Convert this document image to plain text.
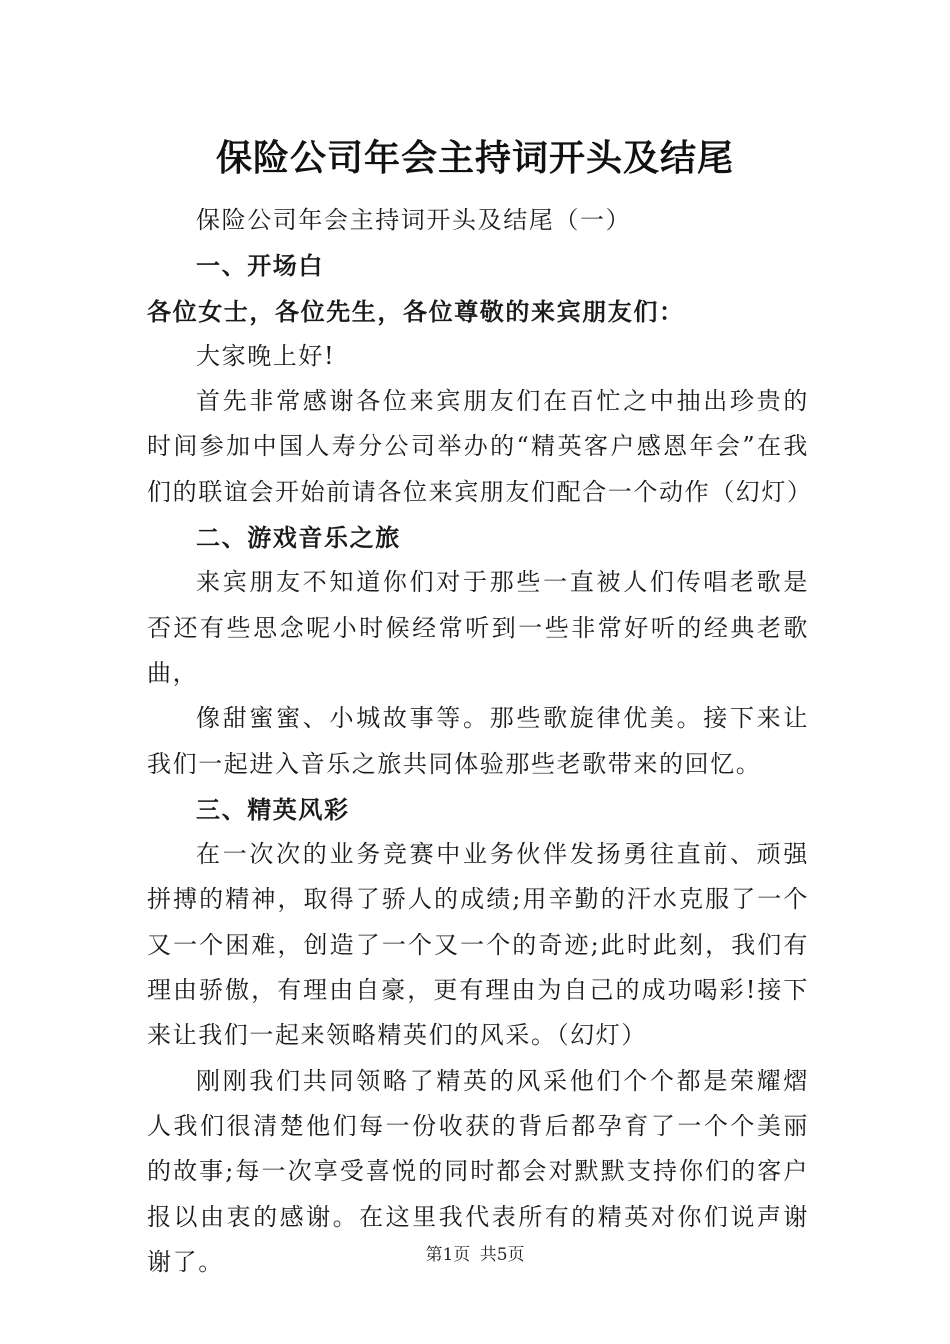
保险公司年会主持词开头及结尾

保险公司年会主持词开头及结尾（一）

一、开场白

各位女士，各位先生，各位尊敬的来宾朋友们：

大家晚上好!

首先非常感谢各位来宾朋友们在百忙之中抽出珍贵的时间参加中国人寿分公司举办的“精英客户感恩年会”在我们的联谊会开始前请各位来宾朋友们配合一个动作（幻灯）

二、游戏音乐之旅

来宾朋友不知道你们对于那些一直被人们传唱老歌是否还有些思念呢小时候经常听到一些非常好听的经典老歌曲，

像甜蜜蜜、小城故事等。那些歌旋律优美。接下来让我们一起进入音乐之旅共同体验那些老歌带来的回忆。

三、精英风彩

在一次次的业务竞赛中业务伙伴发扬勇往直前、顽强拼搏的精神，取得了骄人的成绩;用辛勤的汗水克服了一个又一个困难，创造了一个又一个的奇迹;此时此刻，我们有理由骄傲，有理由自豪，更有理由为自己的成功喝彩!接下来让我们一起来领略精英们的风采。（幻灯）

刚刚我们共同领略了精英的风采他们个个都是荣耀熠人我们很清楚他们每一份收获的背后都孕育了一个个美丽的故事;每一次享受喜悦的同时都会对默默支持你们的客户报以由衷的感谢。在这里我代表所有的精英对你们说声谢谢了。	第1页 共5页
